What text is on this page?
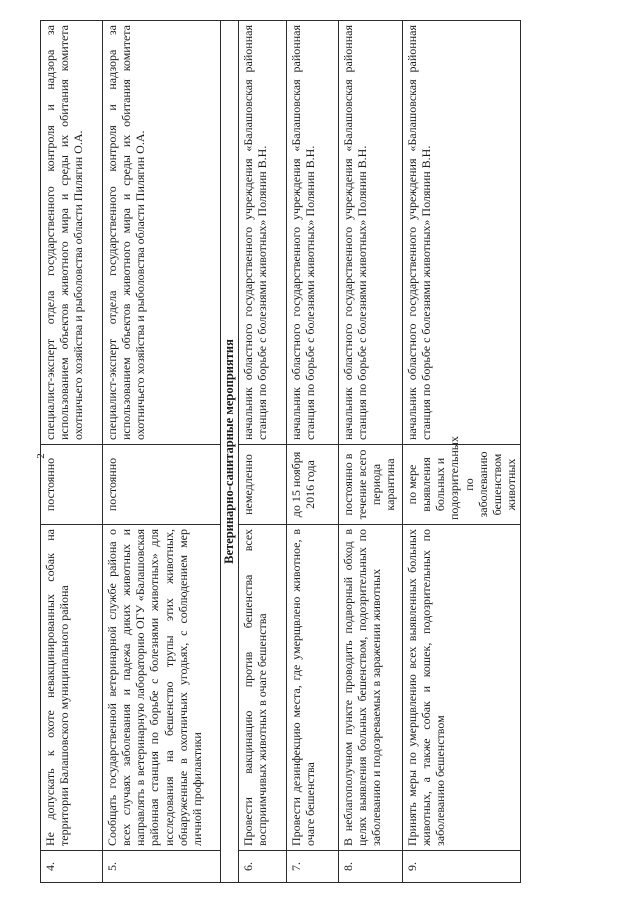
2
4.	Не допускать к охоте невакцинированных собак на территории Балашовского муниципального района	постоянно	специалист-эксперт отдела государственного контроля и надзора за использованием объектов животного мира и среды их обитания комитета охотничьего хозяйства и рыболовства области Пилягин О.А.
5.	Сообщать государственной ветеринарной службе района о всех случаях заболевания и падежа диких животных и направлять в ветеринарную лабораторию ОГУ «Балашовская районная станция по борьбе с болезнями животных» для исследования на бешенство трупы этих животных, обнаруженные в охотничьих угодьях, с соблюдением мер личной профилактики	постоянно	специалист-эксперт отдела государственного контроля и надзора за использованием объектов животного мира и среды их обитания комитета охотничьего хозяйства и рыболовства области Пилягин О.А.
Ветеринарно-санитарные мероприятия			
6.	Провести вакцинацию против бешенства всех восприимчивых животных в очаге бешенства	немедленно	начальник областного государственного учреждения «Балашовская районная станция по борьбе с болезнями животных» Полянин В.Н.
7.	Провести дезинфекцию места, где умерщвлено животное, в очаге бешенства	до 15 ноября 2016 года	начальник областного государственного учреждения «Балашовская районная станция по борьбе с болезнями животных» Полянин В.Н.
8.	В неблагополучном пункте проводить подворный обход в целях выявления больных бешенством, подозрительных по заболеванию и подозреваемых в заражении животных	постоянно в течение всего периода карантина	начальник областного государственного учреждения «Балашовская районная станция по борьбе с болезнями животных» Полянин В.Н.
9.	Принять меры по умерщвлению всех выявленных больных животных, а также собак и кошек, подозрительных по заболеванию бешенством	по мере выявления больных и подозрительных по заболеванию бешенством животных	начальник областного государственного учреждения «Балашовская районная станция по борьбе с болезнями животных» Полянин В.Н.
